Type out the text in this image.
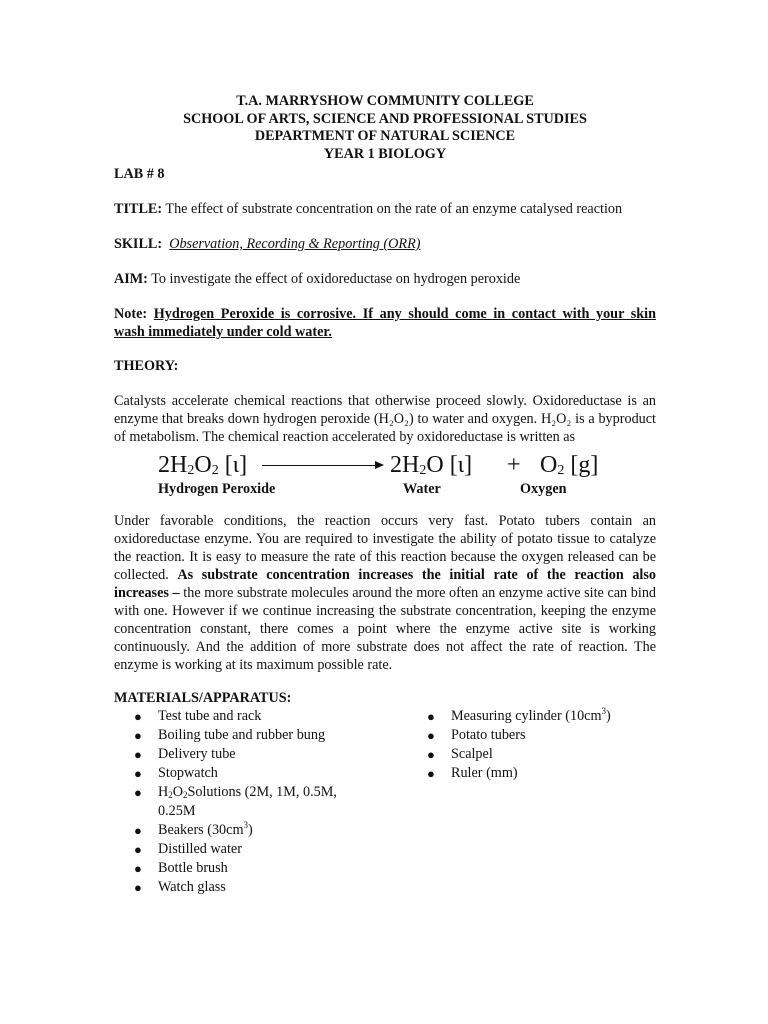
T.A. MARRYSHOW COMMUNITY COLLEGE
SCHOOL OF ARTS, SCIENCE AND PROFESSIONAL STUDIES
DEPARTMENT OF NATURAL SCIENCE
YEAR 1 BIOLOGY
LAB # 8
TITLE: The effect of substrate concentration on the rate of an enzyme catalysed reaction
SKILL: Observation, Recording & Reporting (ORR)
AIM: To investigate the effect of oxidoreductase on hydrogen peroxide
Note: Hydrogen Peroxide is corrosive. If any should come in contact with your skin
wash immediately under cold water.
THEORY:
Catalysts accelerate chemical reactions that otherwise proceed slowly. Oxidoreductase is an enzyme that breaks down hydrogen peroxide (H₂O₂) to water and oxygen. H₂O₂ is a byproduct of metabolism. The chemical reaction accelerated by oxidoreductase is written as
$2H_2O_2$ [ι]	$2H_2O$ $[\iota] + O_2$ [g]
Hydrogen Peroxide	Water	Oxygen
Under favorable conditions, the reaction occurs very fast. Potato tubers contain an oxidoreductase enzyme. You are required to investigate the ability of potato tissue to catalyze the reaction. It is easy to measure the rate of this reaction because the oxygen released can be collected. As substrate concentration increases the initial rate of the reaction also increases – the more substrate molecules around the more often an enzyme active site can bind with one. However if we continue increasing the substrate concentration, keeping the enzyme concentration constant, there comes a point where the enzyme active site is working continuously. And the addition of more substrate does not affect the rate of reaction. The enzyme is working at its maximum possible rate.
MATERIALS/APPARATUS:
● Test tube and rack
● Boiling tube and rubber bung
● Delivery tube
● Stopwatch
● $H_2O_2Solutions$ (2M, 1M, 0.5M,
0.25M
● Beakers $(30cm^3)$
● Distilled water
● Bottle brush
● Watch glass
● Measuring cylinder $(10cm^3)$
● Potato tubers
● Scalpel
● Ruler (mm)
